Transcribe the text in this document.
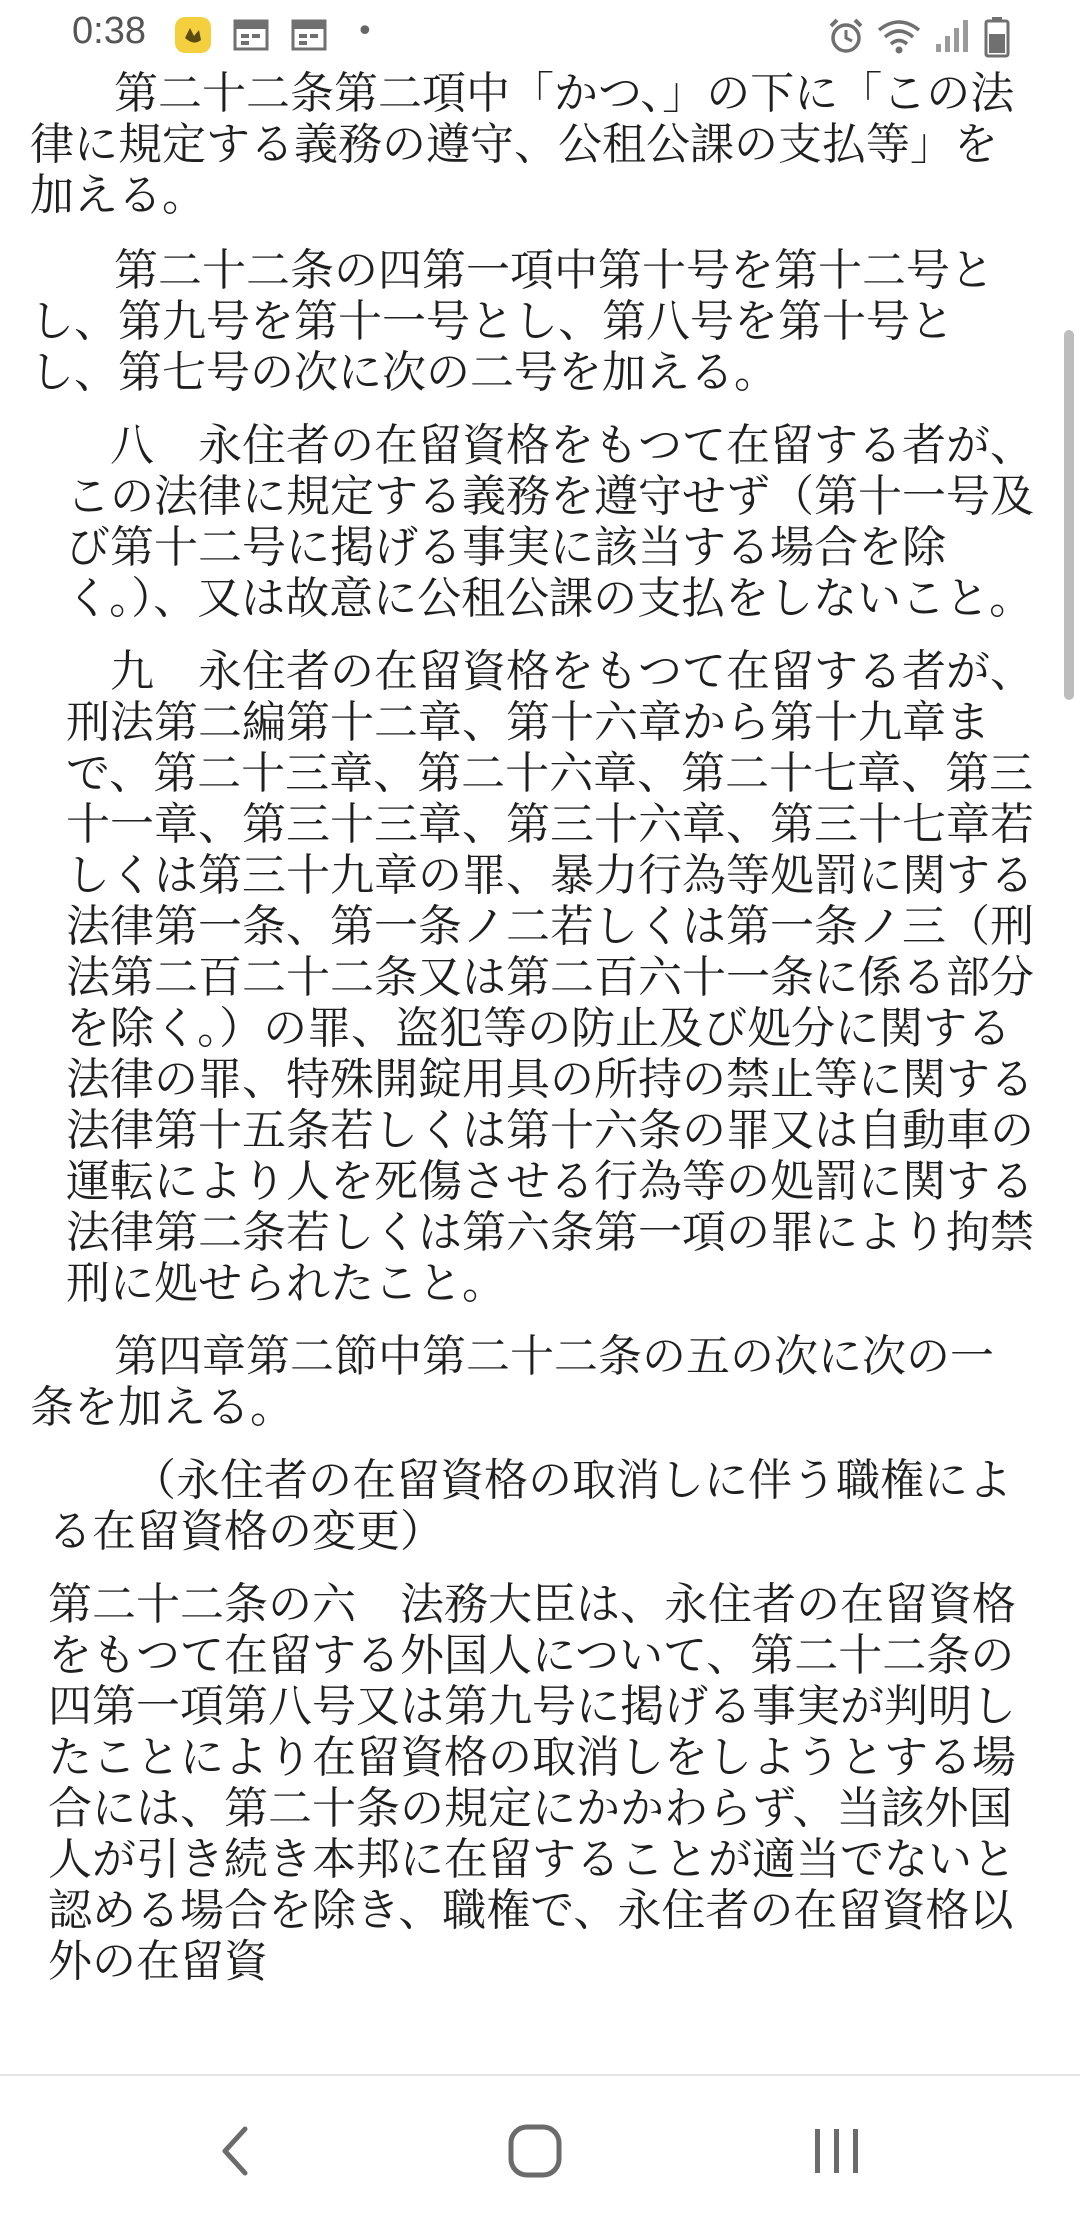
0:38	•

第二十二条第二項中「かつ、」の下に「この法律に規定する義務の遵守、公租公課の支払等」を加える。

第二十二条の四第一項中第十号を第十二号とし、第九号を第十一号とし、第八号を第十号とし、第七号の次に次の二号を加える。

八　永住者の在留資格をもつて在留する者が、この法律に規定する義務を遵守せず（第十一号及び第十二号に掲げる事実に該当する場合を除く。）、又は故意に公租公課の支払をしないこと。

九　永住者の在留資格をもつて在留する者が、刑法第二編第十二章、第十六章から第十九章まで、第二十三章、第二十六章、第二十七章、第三十一章、第三十三章、第三十六章、第三十七章若しくは第三十九章の罪、暴力行為等処罰に関する法律第一条、第一条ノ二若しくは第一条ノ三（刑法第二百二十二条又は第二百六十一条に係る部分を除く。）の罪、盗犯等の防止及び処分に関する法律の罪、特殊開錠用具の所持の禁止等に関する法律第十五条若しくは第十六条の罪又は自動車の運転により人を死傷させる行為等の処罰に関する法律第二条若しくは第六条第一項の罪により拘禁刑に処せられたこと。

第四章第二節中第二十二条の五の次に次の一条を加える。

（永住者の在留資格の取消しに伴う職権による在留資格の変更）

第二十二条の六　法務大臣は、永住者の在留資格をもつて在留する外国人について、第二十二条の四第一項第八号又は第九号に掲げる事実が判明したことにより在留資格の取消しをしようとする場合には、第二十条の規定にかかわらず、当該外国人が引き続き本邦に在留することが適当でないと認める場合を除き、職権で、永住者の在留資格以外の在留資
